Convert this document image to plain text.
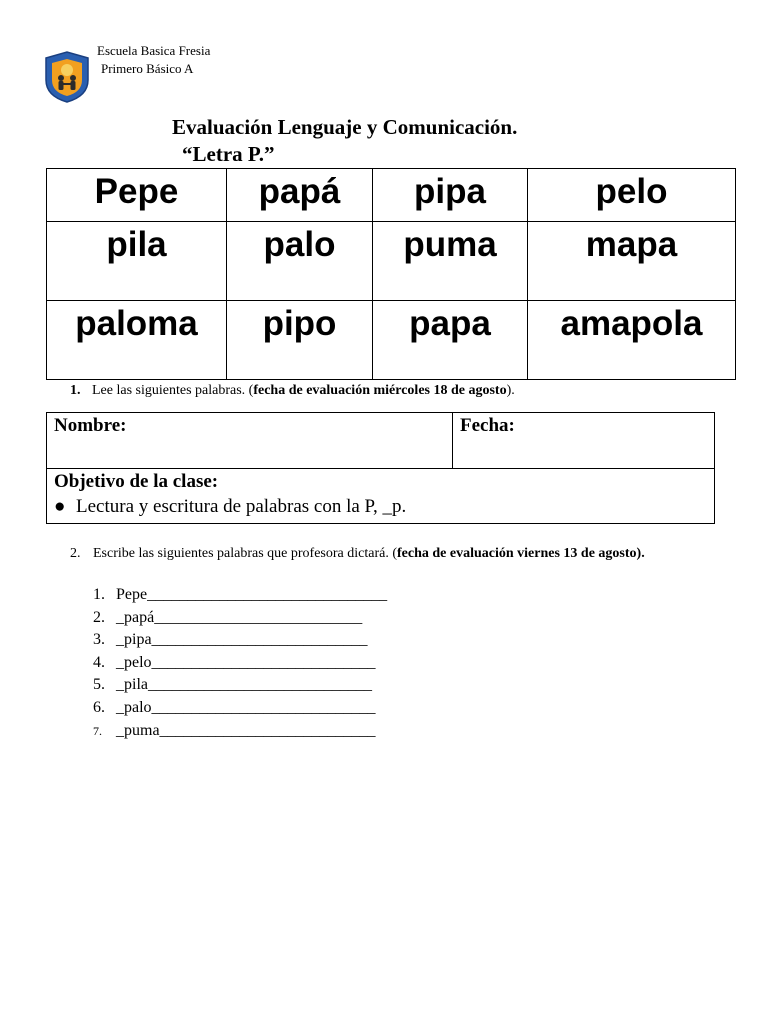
Escuela Basica Fresia
Primero Básico A
Evaluación Lenguaje y Comunicación.
“Letra P.”
Pepe	papá	pipa	pelo
pila	palo	puma	mapa
paloma	pipo	papa	amapola
1. Lee las siguientes palabras. (fecha de evaluación miércoles 18 de agosto).
Nombre:	Fecha:

Objetivo de la clase:
● Lectura y escritura de palabras con la P, _p.
2. Escribe las siguientes palabras que profesora dictará. (fecha de evaluación viernes 13 de agosto).
1. Pepe ______________________________
2. _papá __________________________
3. _pipa ___________________________
4. _pelo ____________________________
5. _pila ____________________________
6. _palo ____________________________
7. _puma ___________________________
